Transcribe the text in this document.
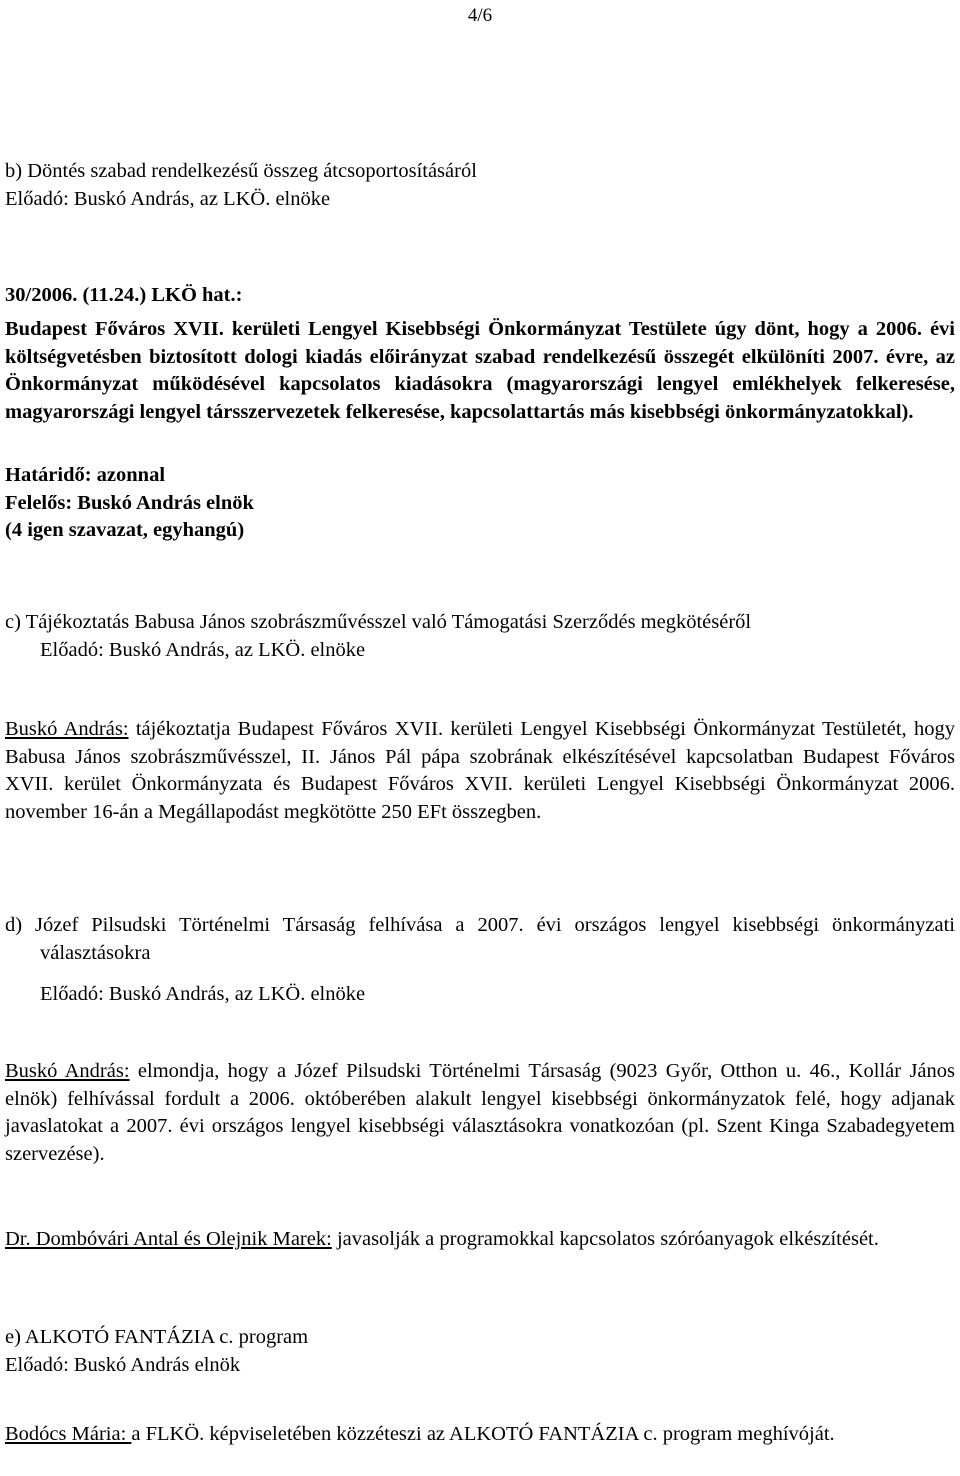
4/6

b) Döntés szabad rendelkezésű összeg átcsoportosításáról
Előadó: Buskó András, az LKÖ. elnöke

30/2006. (11.24.) LKÖ hat.:

Budapest Főváros XVII. kerületi Lengyel Kisebbségi Önkormányzat Testülete úgy dönt, hogy a 2006. évi költségvetésben biztosított dologi kiadás előirányzat szabad rendelkezésű összegét elkülöníti 2007. évre, az Önkormányzat működésével kapcsolatos kiadásokra (magyarországi lengyel emlékhelyek felkeresése, magyarországi lengyel társszervezetek felkeresése, kapcsolattartás más kisebbségi önkormányzatokkal).

Határidő: azonnal
Felelős: Buskó András elnök
(4 igen szavazat, egyhangú)

c) Tájékoztatás Babusa János szobrászművésszel való Támogatási Szerződés megkötéséről
Előadó: Buskó András, az LKÖ. elnöke

Buskó András: tájékoztatja Budapest Főváros XVII. kerületi Lengyel Kisebbségi Önkormányzat Testületét, hogy Babusa János szobrászművésszel, II. János Pál pápa szobrának elkészítésével kapcsolatban Budapest Főváros XVII. kerület Önkormányzata és Budapest Főváros XVII. kerületi Lengyel Kisebbségi Önkormányzat 2006. november 16-án a Megállapodást megkötötte 250 EFt összegben.

d) Józef Pilsudski Történelmi Társaság felhívása a 2007. évi országos lengyel kisebbségi önkormányzati választásokra

Előadó: Buskó András, az LKÖ. elnöke

Buskó András: elmondja, hogy a Józef Pilsudski Történelmi Társaság (9023 Győr, Otthon u. 46., Kollár János elnök) felhívással fordult a 2006. októberében alakult lengyel kisebbségi önkormányzatok felé, hogy adjanak javaslatokat a 2007. évi országos lengyel kisebbségi választásokra vonatkozóan (pl. Szent Kinga Szabadegyetem szervezése).

Dr. Dombóvári Antal és Olejnik Marek: javasolják a programokkal kapcsolatos szóróanyagok elkészítését.

e) ALKOTÓ FANTÁZIA c. program
Előadó: Buskó András elnök

Bodócs Mária: a FLKÖ. képviseletében közzéteszi az ALKOTÓ FANTÁZIA c. program meghívóját.
